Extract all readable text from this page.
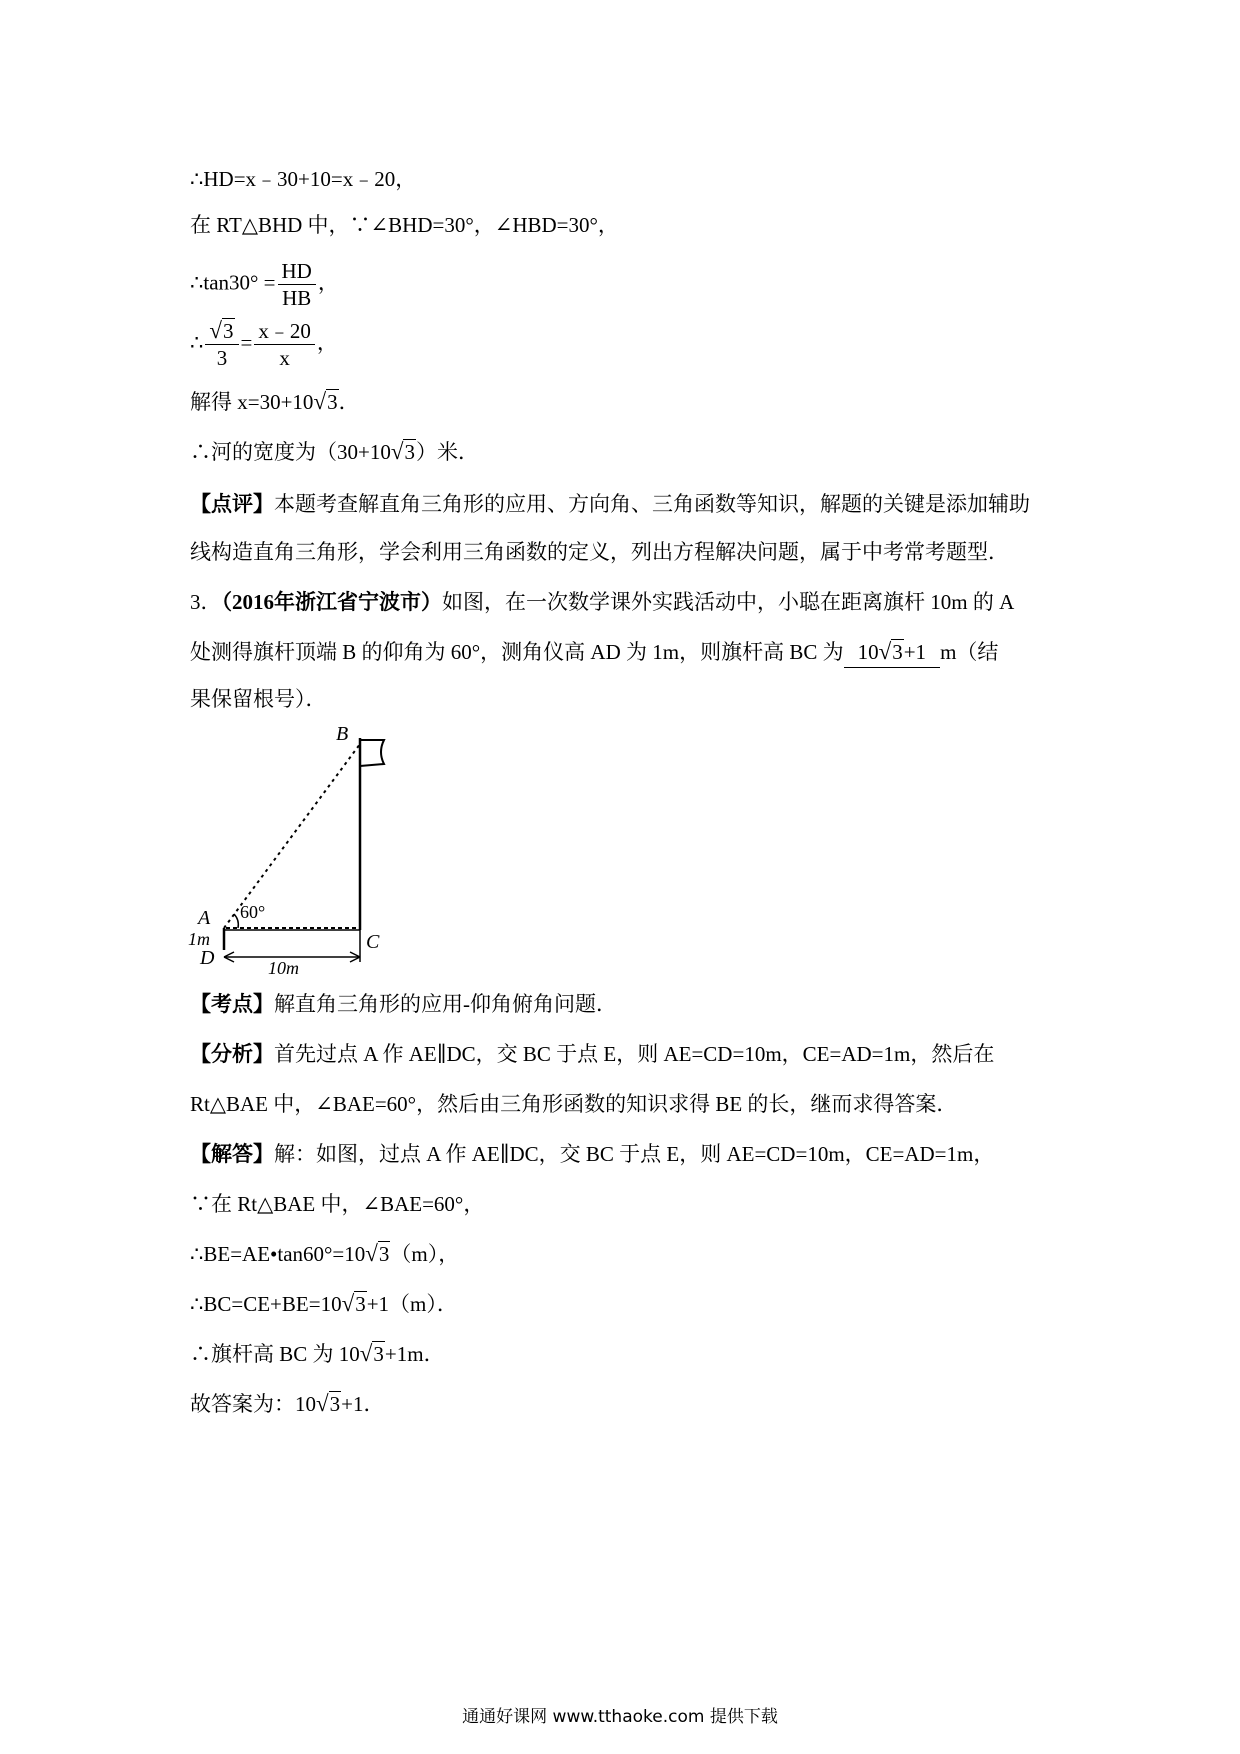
∴HD=x﹣30+10=x﹣20，
在 RT△BHD 中，∵∠BHD=30°，∠HBD=30°，
∴tan30° = $\frac{HD}{HB}$ ，
∴ $\frac{√3}{3} = \frac{x﹣20}{x}$ ，
解得 x=30+10√3．
∴河的宽度为（30+10√3）米．
【点评】本题考查解直角三角形的应用、方向角、三角函数等知识，解题的关键是添加辅助
线构造直角三角形，学会利用三角函数的定义，列出方程解决问题，属于中考常考题型．
3．（2016年浙江省宁波市）如图，在一次数学课外实践活动中，小聪在距离旗杆 10m 的 A
处测得旗杆顶端 B 的仰角为 60°，测角仪高 AD 为 1m，则旗杆高 BC 为 10√3+1 m（结
果保留根号）．
B
A 60°
1m	C
D	10m
【考点】解直角三角形的应用-仰角俯角问题．
【分析】首先过点 A 作 AE∥DC，交 BC 于点 E，则 AE=CD=10m，CE=AD=1m，然后在
Rt△BAE 中，∠BAE=60°，然后由三角形函数的知识求得 BE 的长，继而求得答案．
【解答】解：如图，过点 A 作 AE∥DC，交 BC 于点 E，则 AE=CD=10m，CE=AD=1m，
∵在 Rt△BAE 中，∠BAE=60°，
∴BE=AE•tan60°=10√3（m），
∴BC=CE+BE=10√3+1（m）．
∴旗杆高 BC 为 10√3+1m．
故答案为：10√3+1．
通通好课网 www.tthaoke.com 提供下载
